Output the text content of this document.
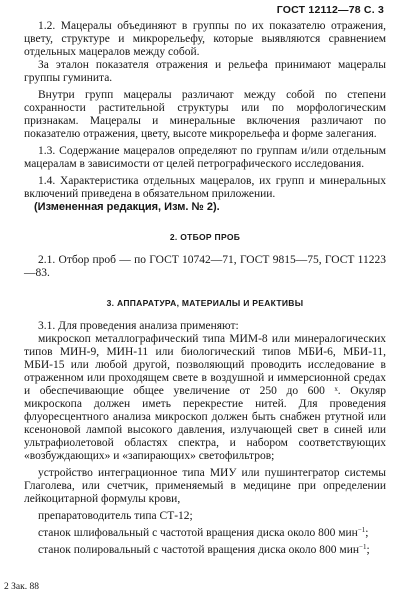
ГОСТ 12112—78 С. 3

1.2. Мацералы объединяют в группы по их показателю отражения, цвету, структуре и микрорельефу, которые выявляются сравнением отдельных мацералов между собой.

За эталон показателя отражения и рельефа принимают мацералы группы гуминита.

Внутри групп мацералы различают между собой по степени сохранности растительной структуры или по морфологическим признакам. Мацералы и минеральные включения различают по показателю отражения, цвету, высоте микрорельефа и форме залегания.

1.3. Содержание мацералов определяют по группам и/или отдельным мацералам в зависимости от целей петрографического исследования.

1.4. Характеристика отдельных мацералов, их групп и минеральных включений приведена в обязательном приложении.

(Измененная редакция, Изм. № 2).

2. ОТБОР ПРОБ

2.1. Отбор проб — по ГОСТ 10742—71, ГОСТ 9815—75, ГОСТ 11223—83.

3. АППАРАТУРА, МАТЕРИАЛЫ И РЕАКТИВЫ

3.1. Для проведения анализа применяют:

микроскоп металлографический типа МИМ-8 или минералогических типов МИН-9, МИН-11 или биологический типов МБИ-6, МБИ-11, МБИ-15 или любой другой, позволяющий проводить исследование в отраженном или проходящем свете в воздушной и иммерсионной средах и обеспечивающие общее увеличение от 250 до 600 ˣ. Окуляр микроскопа должен иметь перекрестие нитей. Для проведения флуоресцентного анализа микроскоп должен быть снабжен ртутной или ксеноновой лампой высокого давления, излучающей свет в синей или ультрафиолетовой областях спектра, и набором соответствующих «возбуждающих» и «запирающих» светофильтров;

устройство интеграционное типа МИУ или пушинтегратор системы Глаголева, или счетчик, применяемый в медицине при определении лейкоцитарной формулы крови,

препаратоводитель типа СТ-12;

станок шлифовальный с частотой вращения диска около 800 мин$^{-1}$;

станок полировальный с частотой вращения диска около 800 мин$^{-1}$;

2 Зак. 88
